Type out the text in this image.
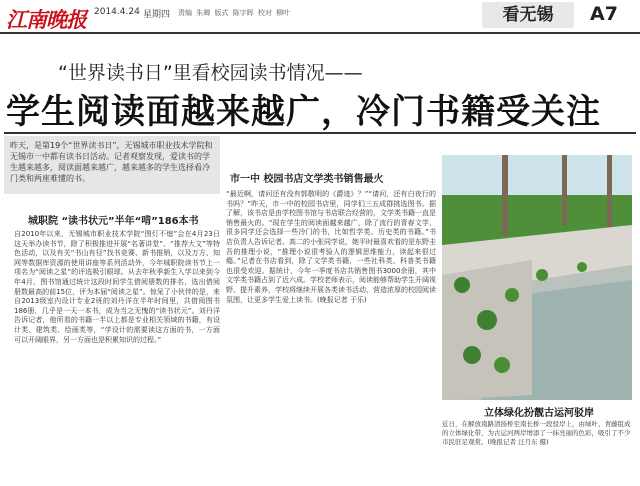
江南晚报 2014.4.24 星期四 责编 朱卿 版式 陈宇晖 校对 柳叶	看无锡	A7
“世界读书日”里看校园读书情况——
学生阅读面越来越广，冷门书籍受关注
昨天，是第19个“世界读书日”，无锡城市职业技术学院和无锡市一中都有读书日活动。记者观察发现，爱读书的学生越来越多，阅读面越来越广，越来越多的学生选择看冷门类和两座难懂的书。
城职院 “读书状元”半年“啃”186本书
自2010年以来，无锡城市职业技术学院“图灯不熄”会在4月23日这天举办读书节，除了积极推进开展“名著讲堂”、“推荐大文”等特色活动，以及有关“书山有径”找书竞赛、新书推销，以及万方、知网等数据库资源的使用讲座等系列活动外，今年城职院读书节上一项名为“阅读之星”的评选吸引眼球。从去年秋季新生入学以来到今年4月，图书馆通过统计这段时间学生借阅册数的排名，选出借阅册数最高的前15位，评为本届“阅读之星”。惊呆了小伙伴的是，来自2013级室内设计专业2班的刘丹洋在半年时间里，共借阅图书186册，几乎是一天一本书，成为当之无愧的“读书状元”。刘丹洋告诉记者，他所看的书籍一半以上都是专业相关领域的书籍，有设计类、建筑类、绘画类等，“学设计的需要读这方面的书，一方面可以开阔眼界，另一方面也是积累知识的过程。”
市一中 校园书店文学类书销售最火
“最近啊，请问还有没有郭敬明的《爵迹》？”“请问，还有白夜行的书吗？”昨天，市一中的校园书店里，同学们三五成群挑选图书。据了解，该书店是由学校图书馆与书店联合经营的，文学类书籍一直是销售最火的。“现在学生的阅读面越来越广，除了流行的青春文学，很多同学还会选择一些冷门的书，比如哲学类、历史类的书籍。”书店负责人告诉记者。高二的小张同学说，她平时最喜欢看的是东野圭吾的推理小说，“推理小说很考验人的逻辑思维能力，读起来很过瘾。”记者在书店看到，除了文学类书籍，一些社科类、科普类书籍也很受欢迎。据统计，今年一季度书店共销售图书3000余册，其中文学类书籍占到了近六成。学校老师表示，阅读能够帮助学生开阔视野、提升素养，学校将继续开展各类读书活动，营造浓厚的校园阅读氛围，让更多学生爱上读书。(晚报记者 于乐)
立体绿化扮靓古运河驳岸
近日，在解放南路清扬桥至南长桥一段驳岸上，由绿叶、青藤组成的立体绿化带，为古运河两岸增添了一抹亮丽的色彩，吸引了不少市民驻足观赏。(晚报记者 汪月东 摄)
